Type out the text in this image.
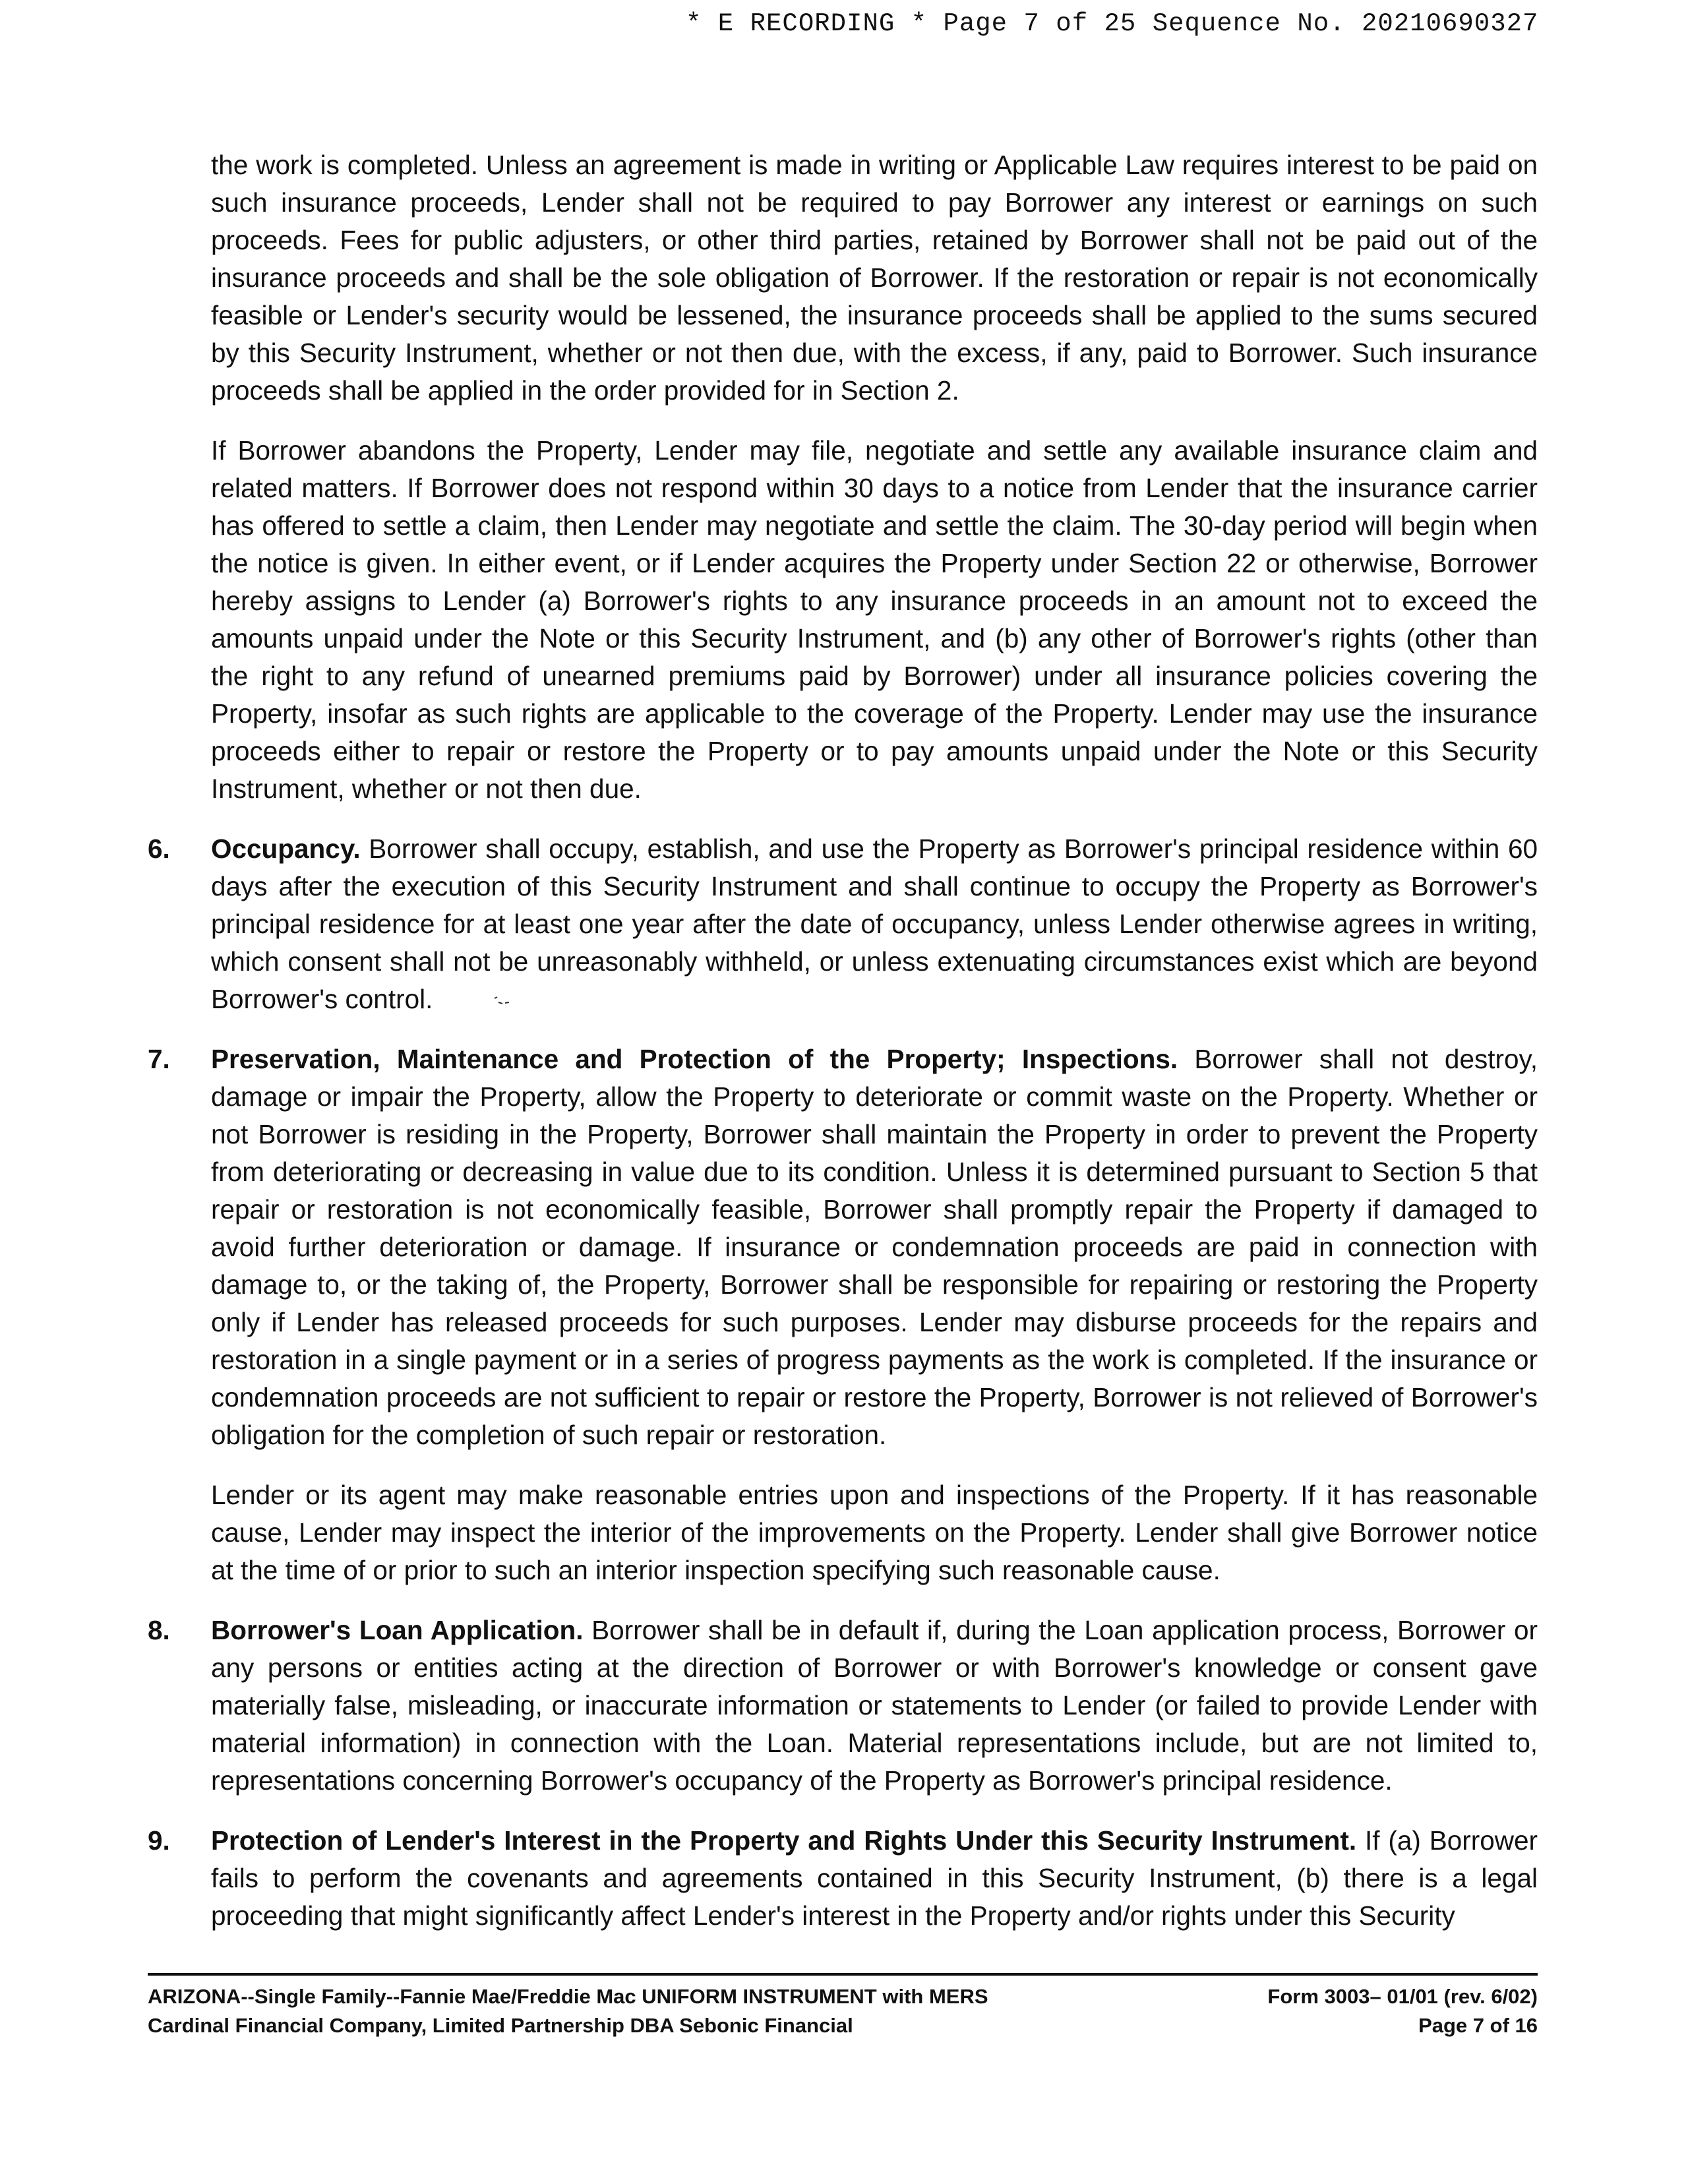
* E RECORDING * Page 7 of 25 Sequence No. 20210690327

the work is completed. Unless an agreement is made in writing or Applicable Law requires interest to be paid on such insurance proceeds, Lender shall not be required to pay Borrower any interest or earnings on such proceeds. Fees for public adjusters, or other third parties, retained by Borrower shall not be paid out of the insurance proceeds and shall be the sole obligation of Borrower. If the restoration or repair is not economically feasible or Lender's security would be lessened, the insurance proceeds shall be applied to the sums secured by this Security Instrument, whether or not then due, with the excess, if any, paid to Borrower. Such insurance proceeds shall be applied in the order provided for in Section 2.

If Borrower abandons the Property, Lender may file, negotiate and settle any available insurance claim and related matters. If Borrower does not respond within 30 days to a notice from Lender that the insurance carrier has offered to settle a claim, then Lender may negotiate and settle the claim. The 30-day period will begin when the notice is given. In either event, or if Lender acquires the Property under Section 22 or otherwise, Borrower hereby assigns to Lender (a) Borrower's rights to any insurance proceeds in an amount not to exceed the amounts unpaid under the Note or this Security Instrument, and (b) any other of Borrower's rights (other than the right to any refund of unearned premiums paid by Borrower) under all insurance policies covering the Property, insofar as such rights are applicable to the coverage of the Property. Lender may use the insurance proceeds either to repair or restore the Property or to pay amounts unpaid under the Note or this Security Instrument, whether or not then due.

6.	Occupancy. Borrower shall occupy, establish, and use the Property as Borrower's principal residence within 60 days after the execution of this Security Instrument and shall continue to occupy the Property as Borrower's principal residence for at least one year after the date of occupancy, unless Lender otherwise agrees in writing, which consent shall not be unreasonably withheld, or unless extenuating circumstances exist which are beyond Borrower's control.
7.	Preservation, Maintenance and Protection of the Property; Inspections. Borrower shall not destroy, damage or impair the Property, allow the Property to deteriorate or commit waste on the Property. Whether or not Borrower is residing in the Property, Borrower shall maintain the Property in order to prevent the Property from deteriorating or decreasing in value due to its condition. Unless it is determined pursuant to Section 5 that repair or restoration is not economically feasible, Borrower shall promptly repair the Property if damaged to avoid further deterioration or damage. If insurance or condemnation proceeds are paid in connection with damage to, or the taking of, the Property, Borrower shall be responsible for repairing or restoring the Property only if Lender has released proceeds for such purposes. Lender may disburse proceeds for the repairs and restoration in a single payment or in a series of progress payments as the work is completed. If the insurance or condemnation proceeds are not sufficient to repair or restore the Property, Borrower is not relieved of Borrower's obligation for the completion of such repair or restoration.
Lender or its agent may make reasonable entries upon and inspections of the Property. If it has reasonable cause, Lender may inspect the interior of the improvements on the Property. Lender shall give Borrower notice at the time of or prior to such an interior inspection specifying such reasonable cause.
8.	Borrower's Loan Application. Borrower shall be in default if, during the Loan application process, Borrower or any persons or entities acting at the direction of Borrower or with Borrower's knowledge or consent gave materially false, misleading, or inaccurate information or statements to Lender (or failed to provide Lender with material information) in connection with the Loan. Material representations include, but are not limited to, representations concerning Borrower's occupancy of the Property as Borrower's principal residence.
9.	Protection of Lender's Interest in the Property and Rights Under this Security Instrument. If (a) Borrower fails to perform the covenants and agreements contained in this Security Instrument, (b) there is a legal proceeding that might significantly affect Lender's interest in the Property and/or rights under this Security
ARIZONA--Single Family--Fannie Mae/Freddie Mac UNIFORM INSTRUMENT with MERS	Form 3003– 01/01 (rev. 6/02)
Cardinal Financial Company, Limited Partnership DBA Sebonic Financial	Page 7 of 16
